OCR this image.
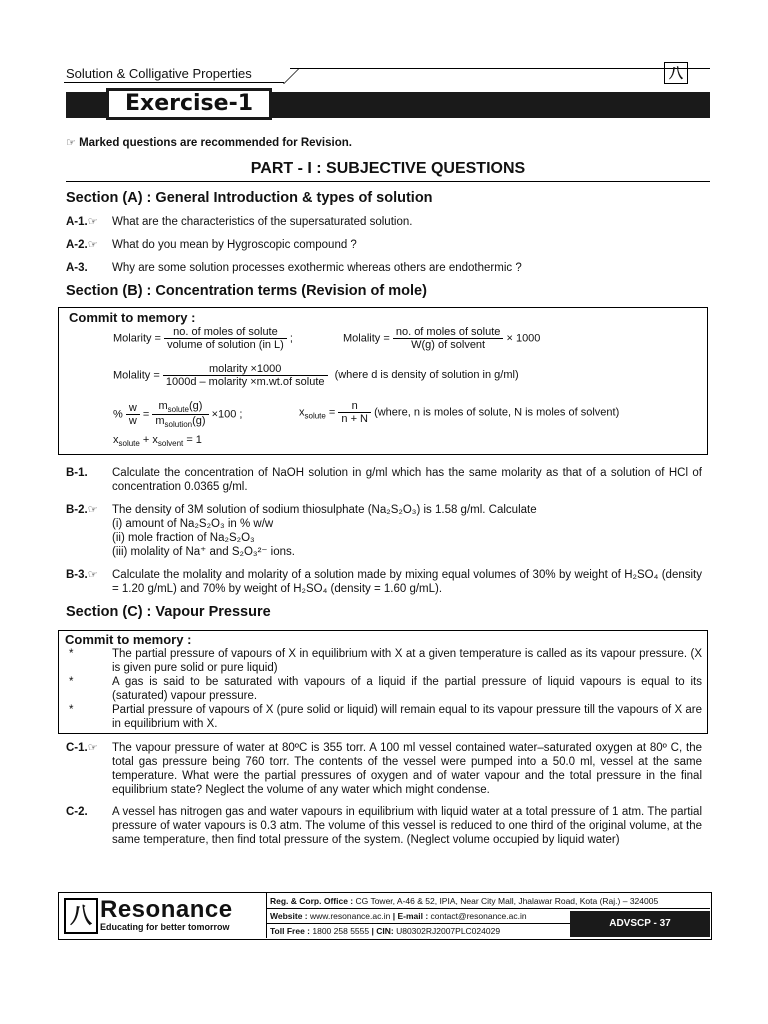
Solution & Colligative Properties	八
Exercise-1
☞ Marked questions are recommended for Revision.
PART - I : SUBJECTIVE QUESTIONS
Section (A) : General Introduction & types of solution
A-1.☞ What are the characteristics of the supersaturated solution.
A-2.☞ What do you mean by Hygroscopic compound ?
A-3. Why are some solution processes exothermic whereas others are endothermic ?
Section (B) : Concentration terms (Revision of mole)
Commit to memory :
Molarity = $\frac{\text{no. of moles of solute}}{\text{volume of solution (in L)}}$ ;	Molality = $\frac{\text{no. of moles of solute}}{\text{W(g) of solvent}} \times 1000$
Molality = $\frac{\text{molarity ×1000}}{\text{1000d – molarity ×m.wt.of solute}}$ (where d is density of solution in g/ml)
% $\frac{w}{w} = \frac{m_{solute}(g)}{m_{solution}(g)} \times 100$ ;	$x_{solute} = \frac{n}{n + N}$ (where, n is moles of solute, N is moles of solvent)
$x_{solute} + x_{solvent} = 1$
B-1. Calculate the concentration of NaOH solution in g/ml which has the same molarity as that of a solution of HCl of concentration 0.0365 g/ml.
B-2.☞ The density of 3M solution of sodium thiosulphate (Na₂S₂O₃) is 1.58 g/ml. Calculate
(i) amount of Na₂S₂O₃ in % w/w
(ii) mole fraction of Na₂S₂O₃
(iii) molality of Na⁺ and S₂O₃²⁻ ions.
B-3.☞ Calculate the molality and molarity of a solution made by mixing equal volumes of 30% by weight of H₂SO₄ (density = 1.20 g/mL) and 70% by weight of H₂SO₄ (density = 1.60 g/mL).
Section (C) : Vapour Pressure
Commit to memory :
*	The partial pressure of vapours of X in equilibrium with X at a given temperature is called as its vapour pressure. (X is given pure solid or pure liquid)
*	A gas is said to be saturated with vapours of a liquid if the partial pressure of liquid vapours is equal to its (saturated) vapour pressure.
*	Partial pressure of vapours of X (pure solid or liquid) will remain equal to its vapour pressure till the vapours of X are in equilibrium with X.
C-1.☞ The vapour pressure of water at 80ºC is 355 torr. A 100 ml vessel contained water–saturated oxygen at 80º C, the total gas pressure being 760 torr. The contents of the vessel were pumped into a 50.0 ml, vessel at the same temperature. What were the partial pressures of oxygen and of water vapour and the total pressure in the final equilibrium state? Neglect the volume of any water which might condense.
C-2. A vessel has nitrogen gas and water vapours in equilibrium with liquid water at a total pressure of 1 atm. The partial pressure of water vapours is 0.3 atm. The volume of this vessel is reduced to one third of the original volume, at the same temperature, then find total pressure of the system. (Neglect volume occupied by liquid water)
八 Resonance
Educating for better tomorrow
Reg. & Corp. Office : CG Tower, A-46 & 52, IPIA, Near City Mall, Jhalawar Road, Kota (Raj.) – 324005
Website : www.resonance.ac.in | E-mail : contact@resonance.ac.in
Toll Free : 1800 258 5555 | CIN: U80302RJ2007PLC024029
ADVSCP - 37
